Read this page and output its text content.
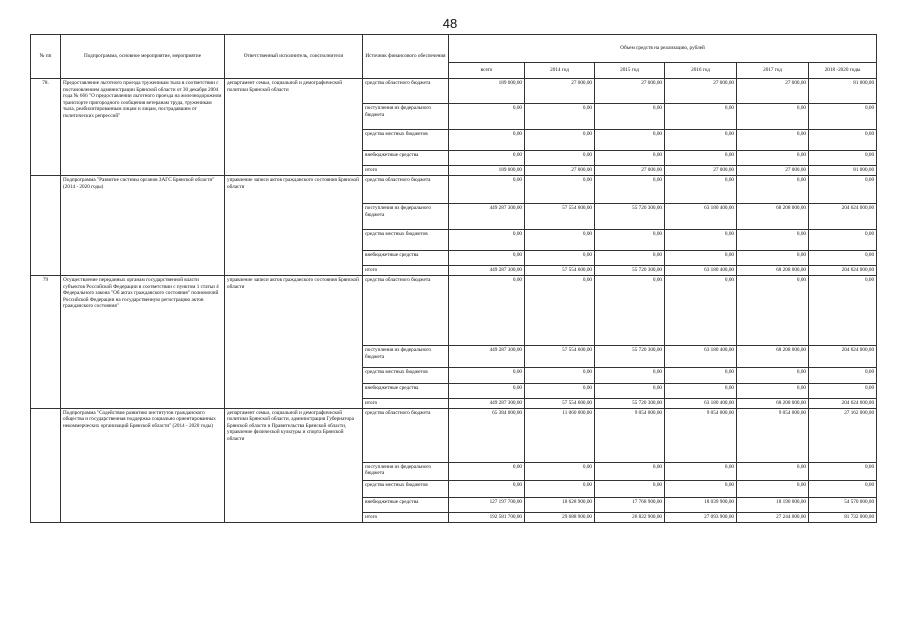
48
№ пп	Подпрограмма, основное мероприятие, мероприятие	Ответственный исполнитель, соисполнители	Источник финансового обеспечения	Объем средств на реализацию, рублей					
				всего	2014 год	2015 год	2016 год	2017 год	2018 -2020 годы
78.	Предоставление льготного проезда труженикам тыла в соответствии с постановлением администрации Брянской области от 30 декабря 2004 года № 666 "О предоставлении льготного проезда на железнодорожном транспорте пригородного сообщения ветеранам труда, труженикам тыла, реабилитированным лицам и лицам, пострадавшим от политических репрессий"	департамент семьи, социальной и демографической политики Брянской области	средства областного бюджета	189 000,00	27 000,00	27 000,00	27 000,00	27 000,00	81 000,00
			поступления из федерального бюджета	0,00	0,00	0,00	0,00	0,00	0,00
			средства местных бюджетов	0,00	0,00	0,00	0,00	0,00	0,00
			внебюджетные средства	0,00	0,00	0,00	0,00	0,00	0,00
			итого	189 000,00	27 000,00	27 000,00	27 000,00	27 000,00	81 000,00
	Подпрограмма "Развитие системы органов ЗАГС Брянской области" (2014 - 2020 годы)	управление записи актов гражданского состояния Брянской области	средства областного бюджета	0,00	0,00	0,00	0,00	0,00	0,00
			поступления из федерального бюджета	449 287 300,00	57 554 600,00	55 720 300,00	63 180 400,00	68 208 000,00	204 624 000,00
			средства местных бюджетов	0,00	0,00	0,00	0,00	0,00	0,00
			внебюджетные средства	0,00	0,00	0,00	0,00	0,00	0,00
			итого	449 287 300,00	57 554 600,00	55 720 300,00	63 180 400,00	68 208 000,00	204 624 000,00
79	Осуществление переданных органам государственной власти субъектов Российской Федерации в соответствии с пунктом 1 статьи 4 Федерального закона "Об актах гражданского состояния" полномочий Российской Федерации на государственную регистрацию актов гражданского состояния"	управление записи актов гражданского состояния Брянской области	средства областного бюджета	0,00	0,00	0,00	0,00	0,00	0,00
			поступления из федерального бюджета	449 287 300,00	57 554 600,00	55 720 300,00	63 180 400,00	68 208 000,00	204 624 000,00
			средства местных бюджетов	0,00	0,00	0,00	0,00	0,00	0,00
			внебюджетные средства	0,00	0,00	0,00	0,00	0,00	0,00
			итого	449 287 300,00	57 554 600,00	55 720 300,00	63 180 400,00	68 208 000,00	204 624 000,00
	Подпрограмма "Содействие развитию институтов гражданского общества и государственная поддержка социально ориентированных некоммерческих организаций Брянской области" (2014 - 2020 годы)	департамент семьи, социальной и демографической политики Брянской области, администрация Губернатора Брянской области и Правительства Брянской области, управление физической культуры и спорта Брянской области	средства областного бюджета	65 384 000,00	11 060 000,00	9 054 000,00	9 054 000,00	9 054 000,00	27 162 000,00
			поступления из федерального бюджета	0,00	0,00	0,00	0,00	0,00	0,00
			средства местных бюджетов	0,00	0,00	0,00	0,00	0,00	0,00
			внебюджетные средства	127 197 700,00	18 628 900,00	17 768 900,00	18 039 900,00	18 190 000,00	54 570 000,00
			итого	192 581 700,00	29 688 900,00	26 822 900,00	27 093 900,00	27 244 000,00	81 732 000,00
